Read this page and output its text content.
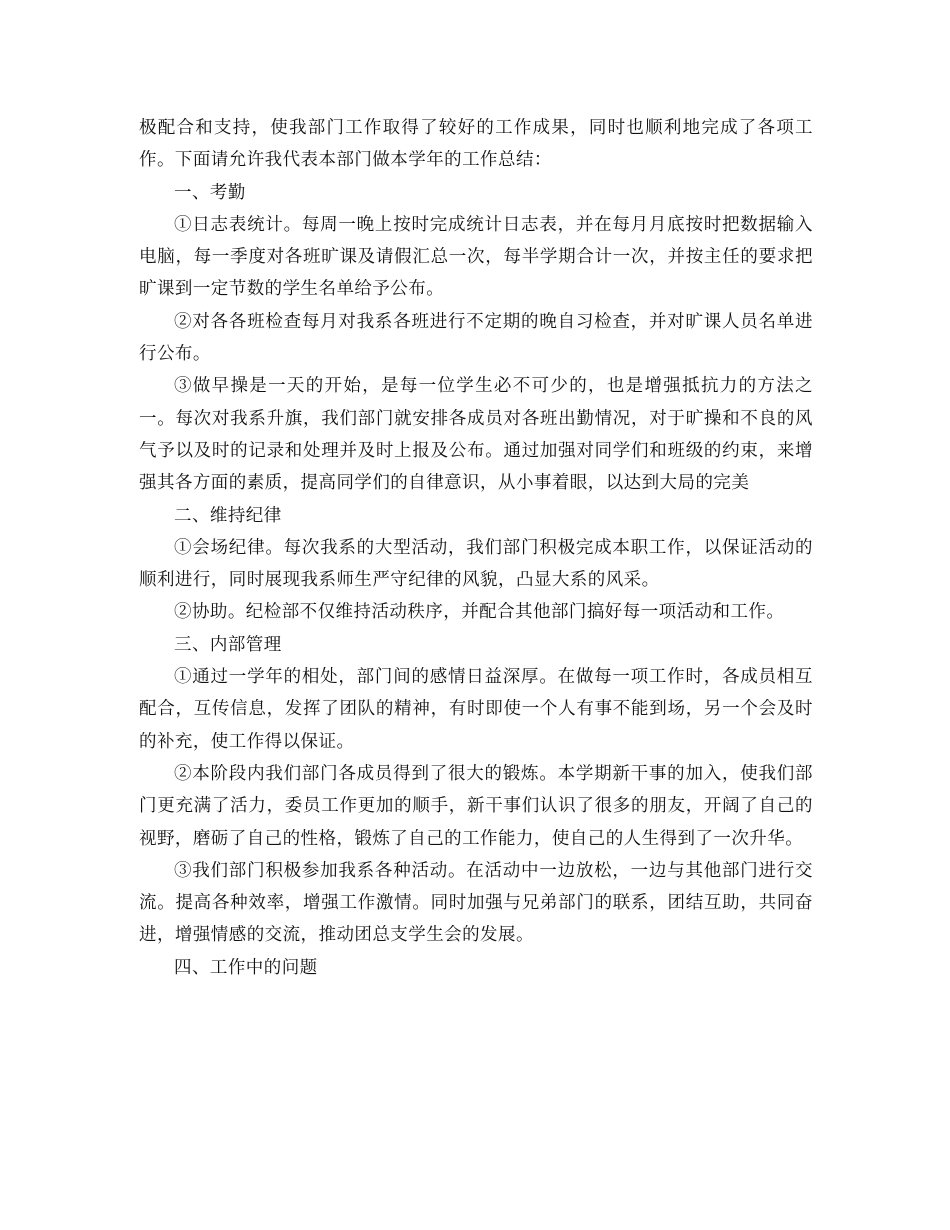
极配合和支持，使我部门工作取得了较好的工作成果，同时也顺利地完成了各项工作。下面请允许我代表本部门做本学年的工作总结：

一、考勤

①日志表统计。每周一晚上按时完成统计日志表，并在每月月底按时把数据输入电脑，每一季度对各班旷课及请假汇总一次，每半学期合计一次，并按主任的要求把旷课到一定节数的学生名单给予公布。

②对各各班检查每月对我系各班进行不定期的晚自习检查，并对旷课人员名单进行公布。

③做早操是一天的开始，是每一位学生必不可少的，也是增强抵抗力的方法之一。每次对我系升旗，我们部门就安排各成员对各班出勤情况，对于旷操和不良的风气予以及时的记录和处理并及时上报及公布。通过加强对同学们和班级的约束，来增强其各方面的素质，提高同学们的自律意识，从小事着眼，以达到大局的完美

二、维持纪律

①会场纪律。每次我系的大型活动，我们部门积极完成本职工作，以保证活动的顺利进行，同时展现我系师生严守纪律的风貌，凸显大系的风采。

②协助。纪检部不仅维持活动秩序，并配合其他部门搞好每一项活动和工作。

三、内部管理

①通过一学年的相处，部门间的感情日益深厚。在做每一项工作时，各成员相互配合，互传信息，发挥了团队的精神，有时即使一个人有事不能到场，另一个会及时的补充，使工作得以保证。

②本阶段内我们部门各成员得到了很大的锻炼。本学期新干事的加入，使我们部门更充满了活力，委员工作更加的顺手，新干事们认识了很多的朋友，开阔了自己的视野，磨砺了自己的性格，锻炼了自己的工作能力，使自己的人生得到了一次升华。

③我们部门积极参加我系各种活动。在活动中一边放松，一边与其他部门进行交流。提高各种效率，增强工作激情。同时加强与兄弟部门的联系，团结互助，共同奋进，增强情感的交流，推动团总支学生会的发展。

四、工作中的问题
